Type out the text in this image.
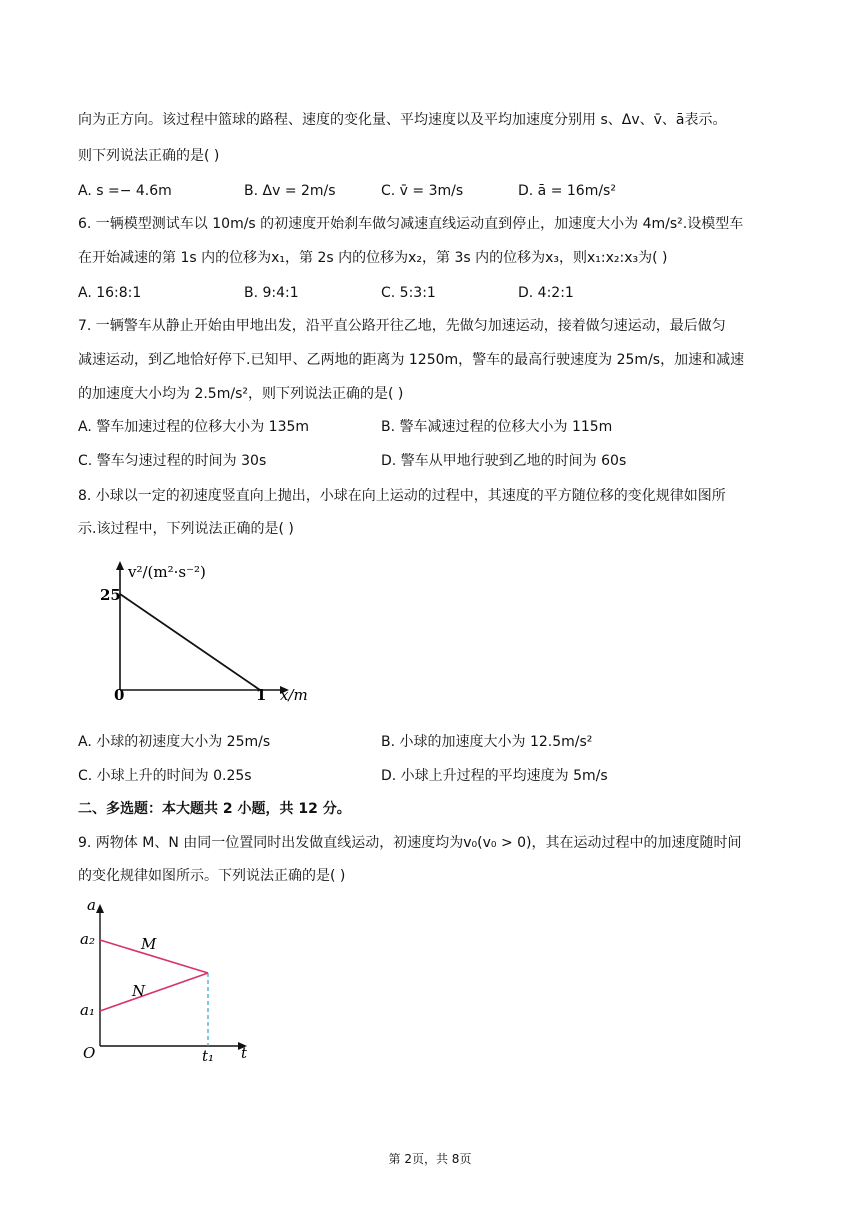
向为正方向。该过程中篮球的路程、速度的变化量、平均速度以及平均加速度分别用 s、Δv、v̄、ā表示。
则下列说法正确的是( )
A. s =− 4.6m	B. Δv = 2m/s	C. v̄ = 3m/s	D. ā = 16m/s²
6. 一辆模型测试车以 10m/s 的初速度开始刹车做匀减速直线运动直到停止，加速度大小为 4m/s².设模型车
在开始减速的第 1s 内的位移为x₁，第 2s 内的位移为x₂，第 3s 内的位移为x₃，则x₁:x₂:x₃为( )
A. 16:8:1	B. 9:4:1	C. 5:3:1	D. 4:2:1
7. 一辆警车从静止开始由甲地出发，沿平直公路开往乙地，先做匀加速运动，接着做匀速运动，最后做匀
减速运动，到乙地恰好停下.已知甲、乙两地的距离为 1250m，警车的最高行驶速度为 25m/s，加速和减速
的加速度大小均为 2.5m/s²，则下列说法正确的是( )
A. 警车加速过程的位移大小为 135m	B. 警车减速过程的位移大小为 115m
C. 警车匀速过程的时间为 30s	D. 警车从甲地行驶到乙地的时间为 60s
8. 小球以一定的初速度竖直向上抛出，小球在向上运动的过程中，其速度的平方随位移的变化规律如图所
示.该过程中，下列说法正确的是( )
v²/(m²·s⁻²)
25
0	1 x/m
A. 小球的初速度大小为 25m/s	B. 小球的加速度大小为 12.5m/s²
C. 小球上升的时间为 0.25s	D. 小球上升过程的平均速度为 5m/s
二、多选题：本大题共 2 小题，共 12 分。
9. 两物体 M、N 由同一位置同时出发做直线运动，初速度均为v₀(v₀ > 0)，其在运动过程中的加速度随时间
的变化规律如图所示。下列说法正确的是( )
a
a₂
a₁
O	t₁ t
M
N
第 2页，共 8页
